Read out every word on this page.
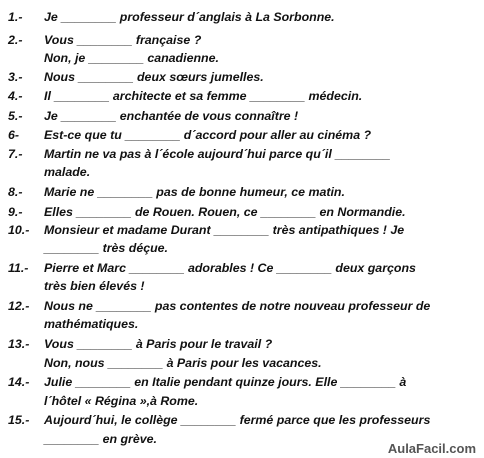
1.-	Je ________ professeur d´anglais à La Sorbonne.
2.-	Vous ________ française ?
Non, je ________ canadienne.
3.-	Nous ________ deux sœurs jumelles.
4.-	Il ________ architecte et sa femme ________ médecin.
5.-	Je ________ enchantée de vous connaître !
6-	Est-ce que tu ________ d´accord pour aller au cinéma ?
7.-	Martin ne va pas à l´école aujourd´hui parce qu´il ________
malade.
8.-	Marie ne ________ pas de bonne humeur, ce matin.
9.-	Elles ________ de Rouen. Rouen, ce ________ en Normandie.
10.-	Monsieur et madame Durant ________ très antipathiques ! Je
________ très déçue.
11.-	Pierre et Marc ________ adorables ! Ce ________ deux garçons
très bien élevés !
12.-	Nous ne ________ pas contentes de notre nouveau professeur de
mathématiques.
13.-	Vous ________ à Paris pour le travail ?
Non, nous ________ à Paris pour les vacances.
14.-	Julie ________ en Italie pendant quinze jours. Elle ________ à
l´hôtel « Régina »,à Rome.
15.-	Aujourd´hui, le collège ________ fermé parce que les professeurs
________ en grève.
AulaFacil.com
